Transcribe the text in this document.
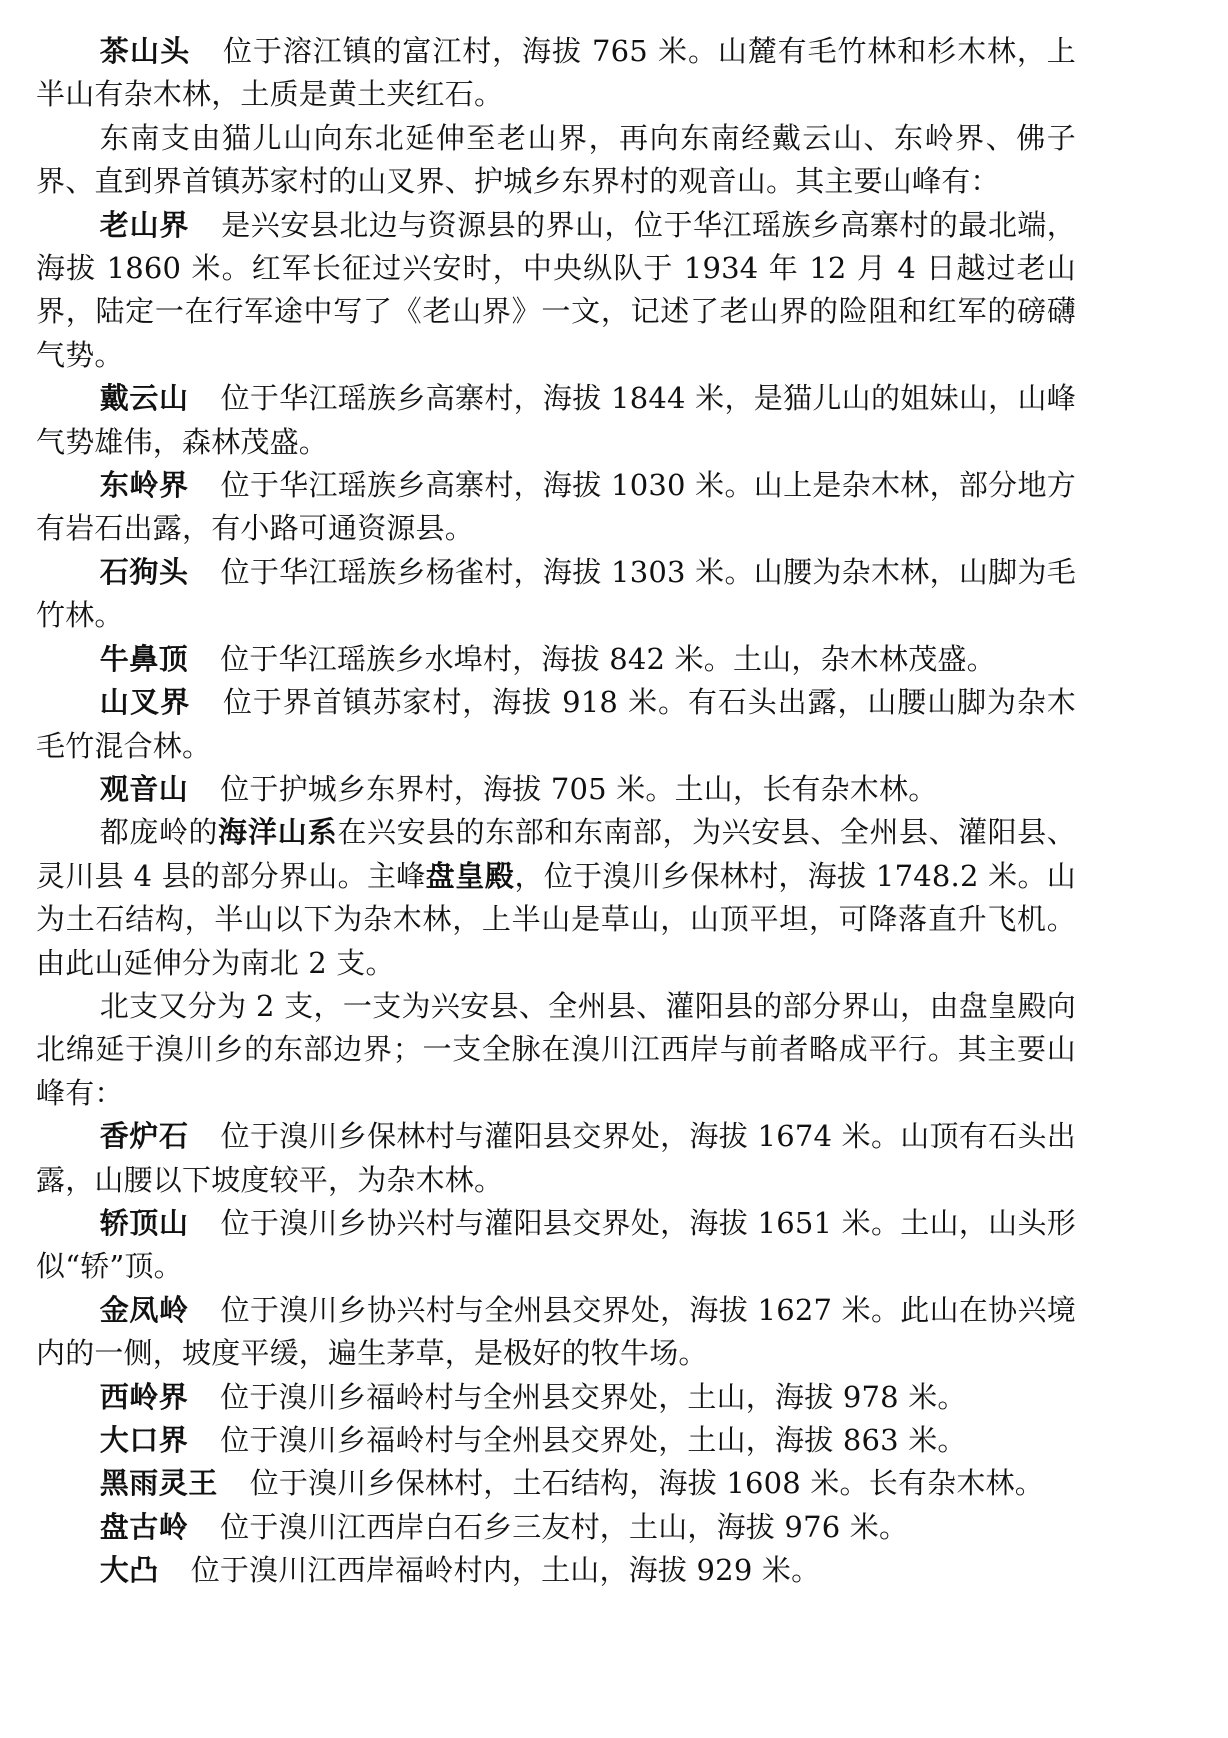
茶山头 位于溶江镇的富江村，海拔 765 米。山麓有毛竹林和杉木林，上半山有杂木林，土质是黄土夹红石。

东南支由猫儿山向东北延伸至老山界，再向东南经戴云山、东岭界、佛子界、直到界首镇苏家村的山叉界、护城乡东界村的观音山。其主要山峰有：

老山界 是兴安县北边与资源县的界山，位于华江瑶族乡高寨村的最北端，海拔 1860 米。红军长征过兴安时，中央纵队于 1934 年 12 月 4 日越过老山界，陆定一在行军途中写了《老山界》一文，记述了老山界的险阻和红军的磅礴气势。

戴云山 位于华江瑶族乡高寨村，海拔 1844 米，是猫儿山的姐妹山，山峰气势雄伟，森林茂盛。

东岭界 位于华江瑶族乡高寨村，海拔 1030 米。山上是杂木林，部分地方有岩石出露，有小路可通资源县。

石狗头 位于华江瑶族乡杨雀村，海拔 1303 米。山腰为杂木林，山脚为毛竹林。

牛鼻顶 位于华江瑶族乡水埠村，海拔 842 米。土山，杂木林茂盛。

山叉界 位于界首镇苏家村，海拔 918 米。有石头出露，山腰山脚为杂木毛竹混合林。

观音山 位于护城乡东界村，海拔 705 米。土山，长有杂木林。

都庞岭的海洋山系在兴安县的东部和东南部，为兴安县、全州县、灌阳县、灵川县 4 县的部分界山。主峰盘皇殿，位于溴川乡保林村，海拔 1748.2 米。山为土石结构，半山以下为杂木林，上半山是草山，山顶平坦，可降落直升飞机。由此山延伸分为南北 2 支。

北支又分为 2 支，一支为兴安县、全州县、灌阳县的部分界山，由盘皇殿向北绵延于溴川乡的东部边界；一支全脉在溴川江西岸与前者略成平行。其主要山峰有：

香炉石 位于溴川乡保林村与灌阳县交界处，海拔 1674 米。山顶有石头出露，山腰以下坡度较平，为杂木林。

轿顶山 位于溴川乡协兴村与灌阳县交界处，海拔 1651 米。土山，山头形似“轿”顶。

金凤岭 位于溴川乡协兴村与全州县交界处，海拔 1627 米。此山在协兴境内的一侧，坡度平缓，遍生茅草，是极好的牧牛场。

西岭界 位于溴川乡福岭村与全州县交界处，土山，海拔 978 米。

大口界 位于溴川乡福岭村与全州县交界处，土山，海拔 863 米。

黑雨灵王 位于溴川乡保林村，土石结构，海拔 1608 米。长有杂木林。

盘古岭 位于溴川江西岸白石乡三友村，土山，海拔 976 米。

大凸 位于溴川江西岸福岭村内，土山，海拔 929 米。
